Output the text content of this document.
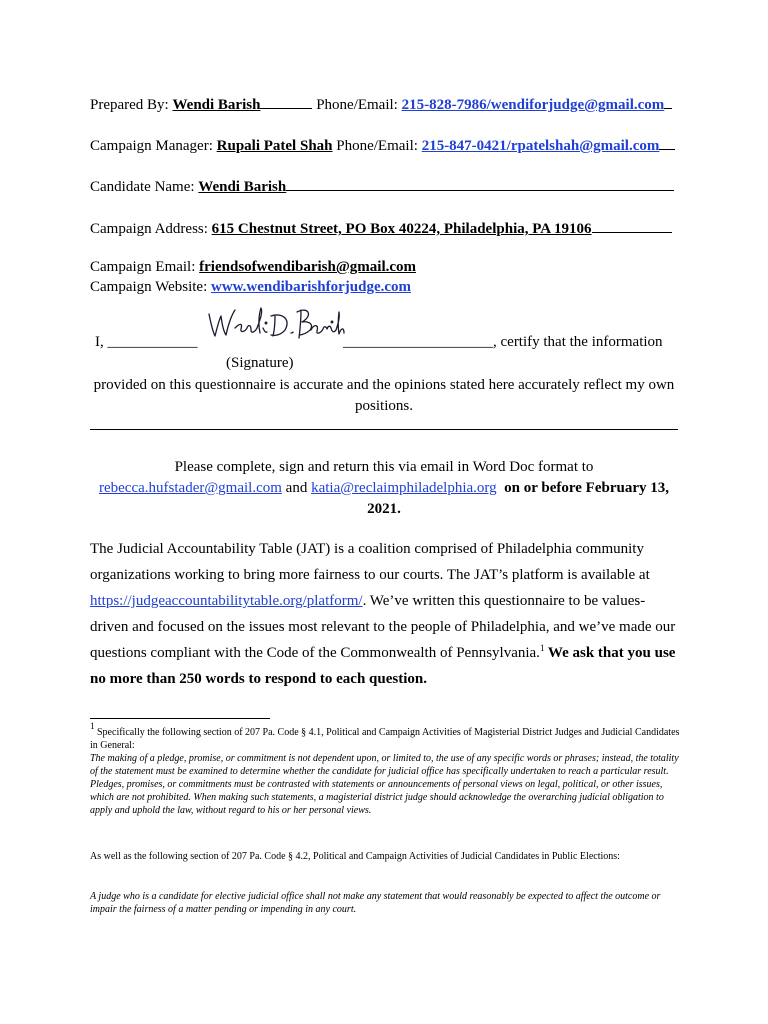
Prepared By: Wendi Barish	Phone/Email: 215-828-7986/wendiforjudge@gmail.com
Campaign Manager: Rupali Patel Shah Phone/Email: 215-847-0421/rpatelshah@gmail.com
Candidate Name: Wendi Barish
Campaign Address: 615 Chestnut Street, PO Box 40224, Philadelphia, PA 19106
Campaign Email: friendsofwendibarish@gmail.com
Campaign Website: www.wendibarishforjudge.com
I, ____________	____________________, certify that the information
(Signature)
provided on this questionnaire is accurate and the opinions stated here accurately reflect my own positions.
Please complete, sign and return this via email in Word Doc format to
rebecca.hufstader@gmail.com and katia@reclaimphiladelphia.org on or before February 13, 2021.
The Judicial Accountability Table (JAT) is a coalition comprised of Philadelphia community organizations working to bring more fairness to our courts. The JAT’s platform is available at https://judgeaccountabilitytable.org/platform/. We’ve written this questionnaire to be values-driven and focused on the issues most relevant to the people of Philadelphia, and we’ve made our questions compliant with the Code of the Commonwealth of Pennsylvania.$^1$ We ask that you use no more than 250 words to respond to each question.
$^1$ Specifically the following section of 207 Pa. Code § 4.1, Political and Campaign Activities of Magisterial District Judges and Judicial Candidates in General:
The making of a pledge, promise, or commitment is not dependent upon, or limited to, the use of any specific words or phrases; instead, the totality of the statement must be examined to determine whether the candidate for judicial office has specifically undertaken to reach a particular result. Pledges, promises, or commitments must be contrasted with statements or announcements of personal views on legal, political, or other issues, which are not prohibited. When making such statements, a magisterial district judge should acknowledge the overarching judicial obligation to apply and uphold the law, without regard to his or her personal views.
As well as the following section of 207 Pa. Code § 4.2, Political and Campaign Activities of Judicial Candidates in Public Elections:
A judge who is a candidate for elective judicial office shall not make any statement that would reasonably be expected to affect the outcome or impair the fairness of a matter pending or impending in any court.
